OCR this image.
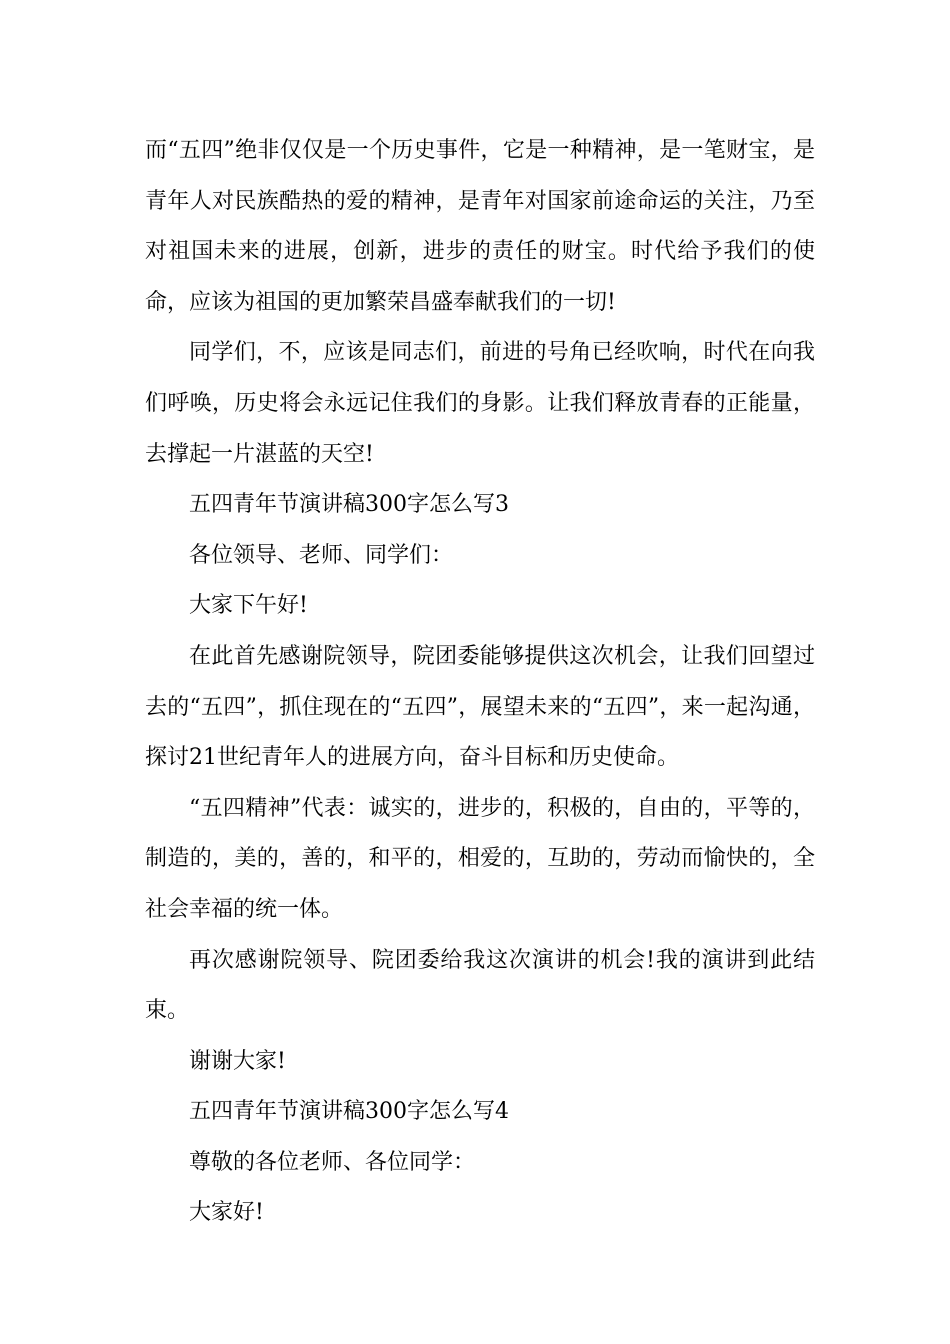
而“五四”绝非仅仅是一个历史事件，它是一种精神，是一笔财宝，是青年人对民族酷热的爱的精神，是青年对国家前途命运的关注，乃至对祖国未来的进展，创新，进步的责任的财宝。时代给予我们的使命，应该为祖国的更加繁荣昌盛奉献我们的一切!

同学们，不，应该是同志们，前进的号角已经吹响，时代在向我们呼唤，历史将会永远记住我们的身影。让我们释放青春的正能量，去撑起一片湛蓝的天空!

五四青年节演讲稿300字怎么写3

各位领导、老师、同学们：

大家下午好!

在此首先感谢院领导，院团委能够提供这次机会，让我们回望过去的“五四”，抓住现在的“五四”，展望未来的“五四”，来一起沟通，探讨21世纪青年人的进展方向，奋斗目标和历史使命。

“五四精神”代表：诚实的，进步的，积极的，自由的，平等的，制造的，美的，善的，和平的，相爱的，互助的，劳动而愉快的，全社会幸福的统一体。

再次感谢院领导、院团委给我这次演讲的机会!我的演讲到此结束。

谢谢大家!

五四青年节演讲稿300字怎么写4

尊敬的各位老师、各位同学：

大家好!
